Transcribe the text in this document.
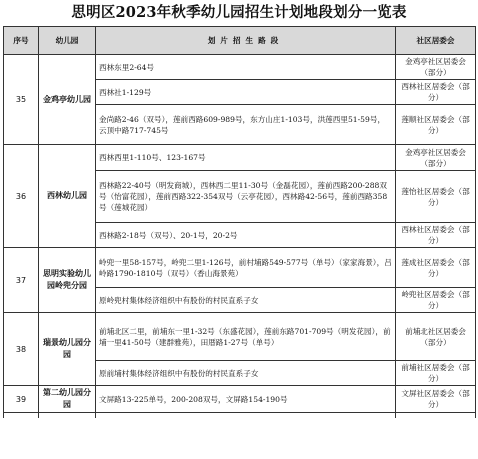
思明区2023年秋季幼儿园招生计划地段划分一览表
序号	幼儿园	划片招生路段	社区居委会
35	金鸡亭幼儿园	西林东里2-64号	金鸡亭社区居委会（部分）
		西林社1-129号	西林社区居委会（部分）
		金尚路2-46（双号），莲前西路609-989号，东方山庄1-103号，洪莲西里51-59号，云顶中路717-745号	莲顺社区居委会（部分）
36	西林幼儿园	西林西里1-110号、123-167号	金鸡亭社区居委会（部分）
		西林路22-40号（明发商城），西林西二里11-30号（金磊花园），莲前西路200-288双号（怡富花园），莲前西路322-354双号（云亭花园），西林路42-56号，莲前西路358号（莲城花园）	莲怡社区居委会（部分）
		西林路2-18号（双号）、20-1号，20-2号	西林社区居委会（部分）
37	思明实验幼儿园岭兜分园	岭兜一里58-157号，岭兜二里1-126号，前村埔路549-577号（单号）（家家海景），吕岭路1790-1810号（双号）（香山海景苑）	莲成社区居委会（部分）
		原岭兜村集体经济组织中有股份的村民直系子女	岭兜社区居委会（部分）
38	瑞景幼儿园分园	前埔北区二里，前埔东一里1-32号（东盛花园），莲前东路701-709号（明发花园），前埔一里41-50号（建群雅苑），田厝路1-27号（单号）	前埔北社区居委会（部分）
		原前埔村集体经济组织中有股份的村民直系子女	前埔社区居委会（部分）
39	第二幼儿园分园	文屏路13-225单号，200-208双号，文屏路154-190号	文屏社区居委会（部分）
